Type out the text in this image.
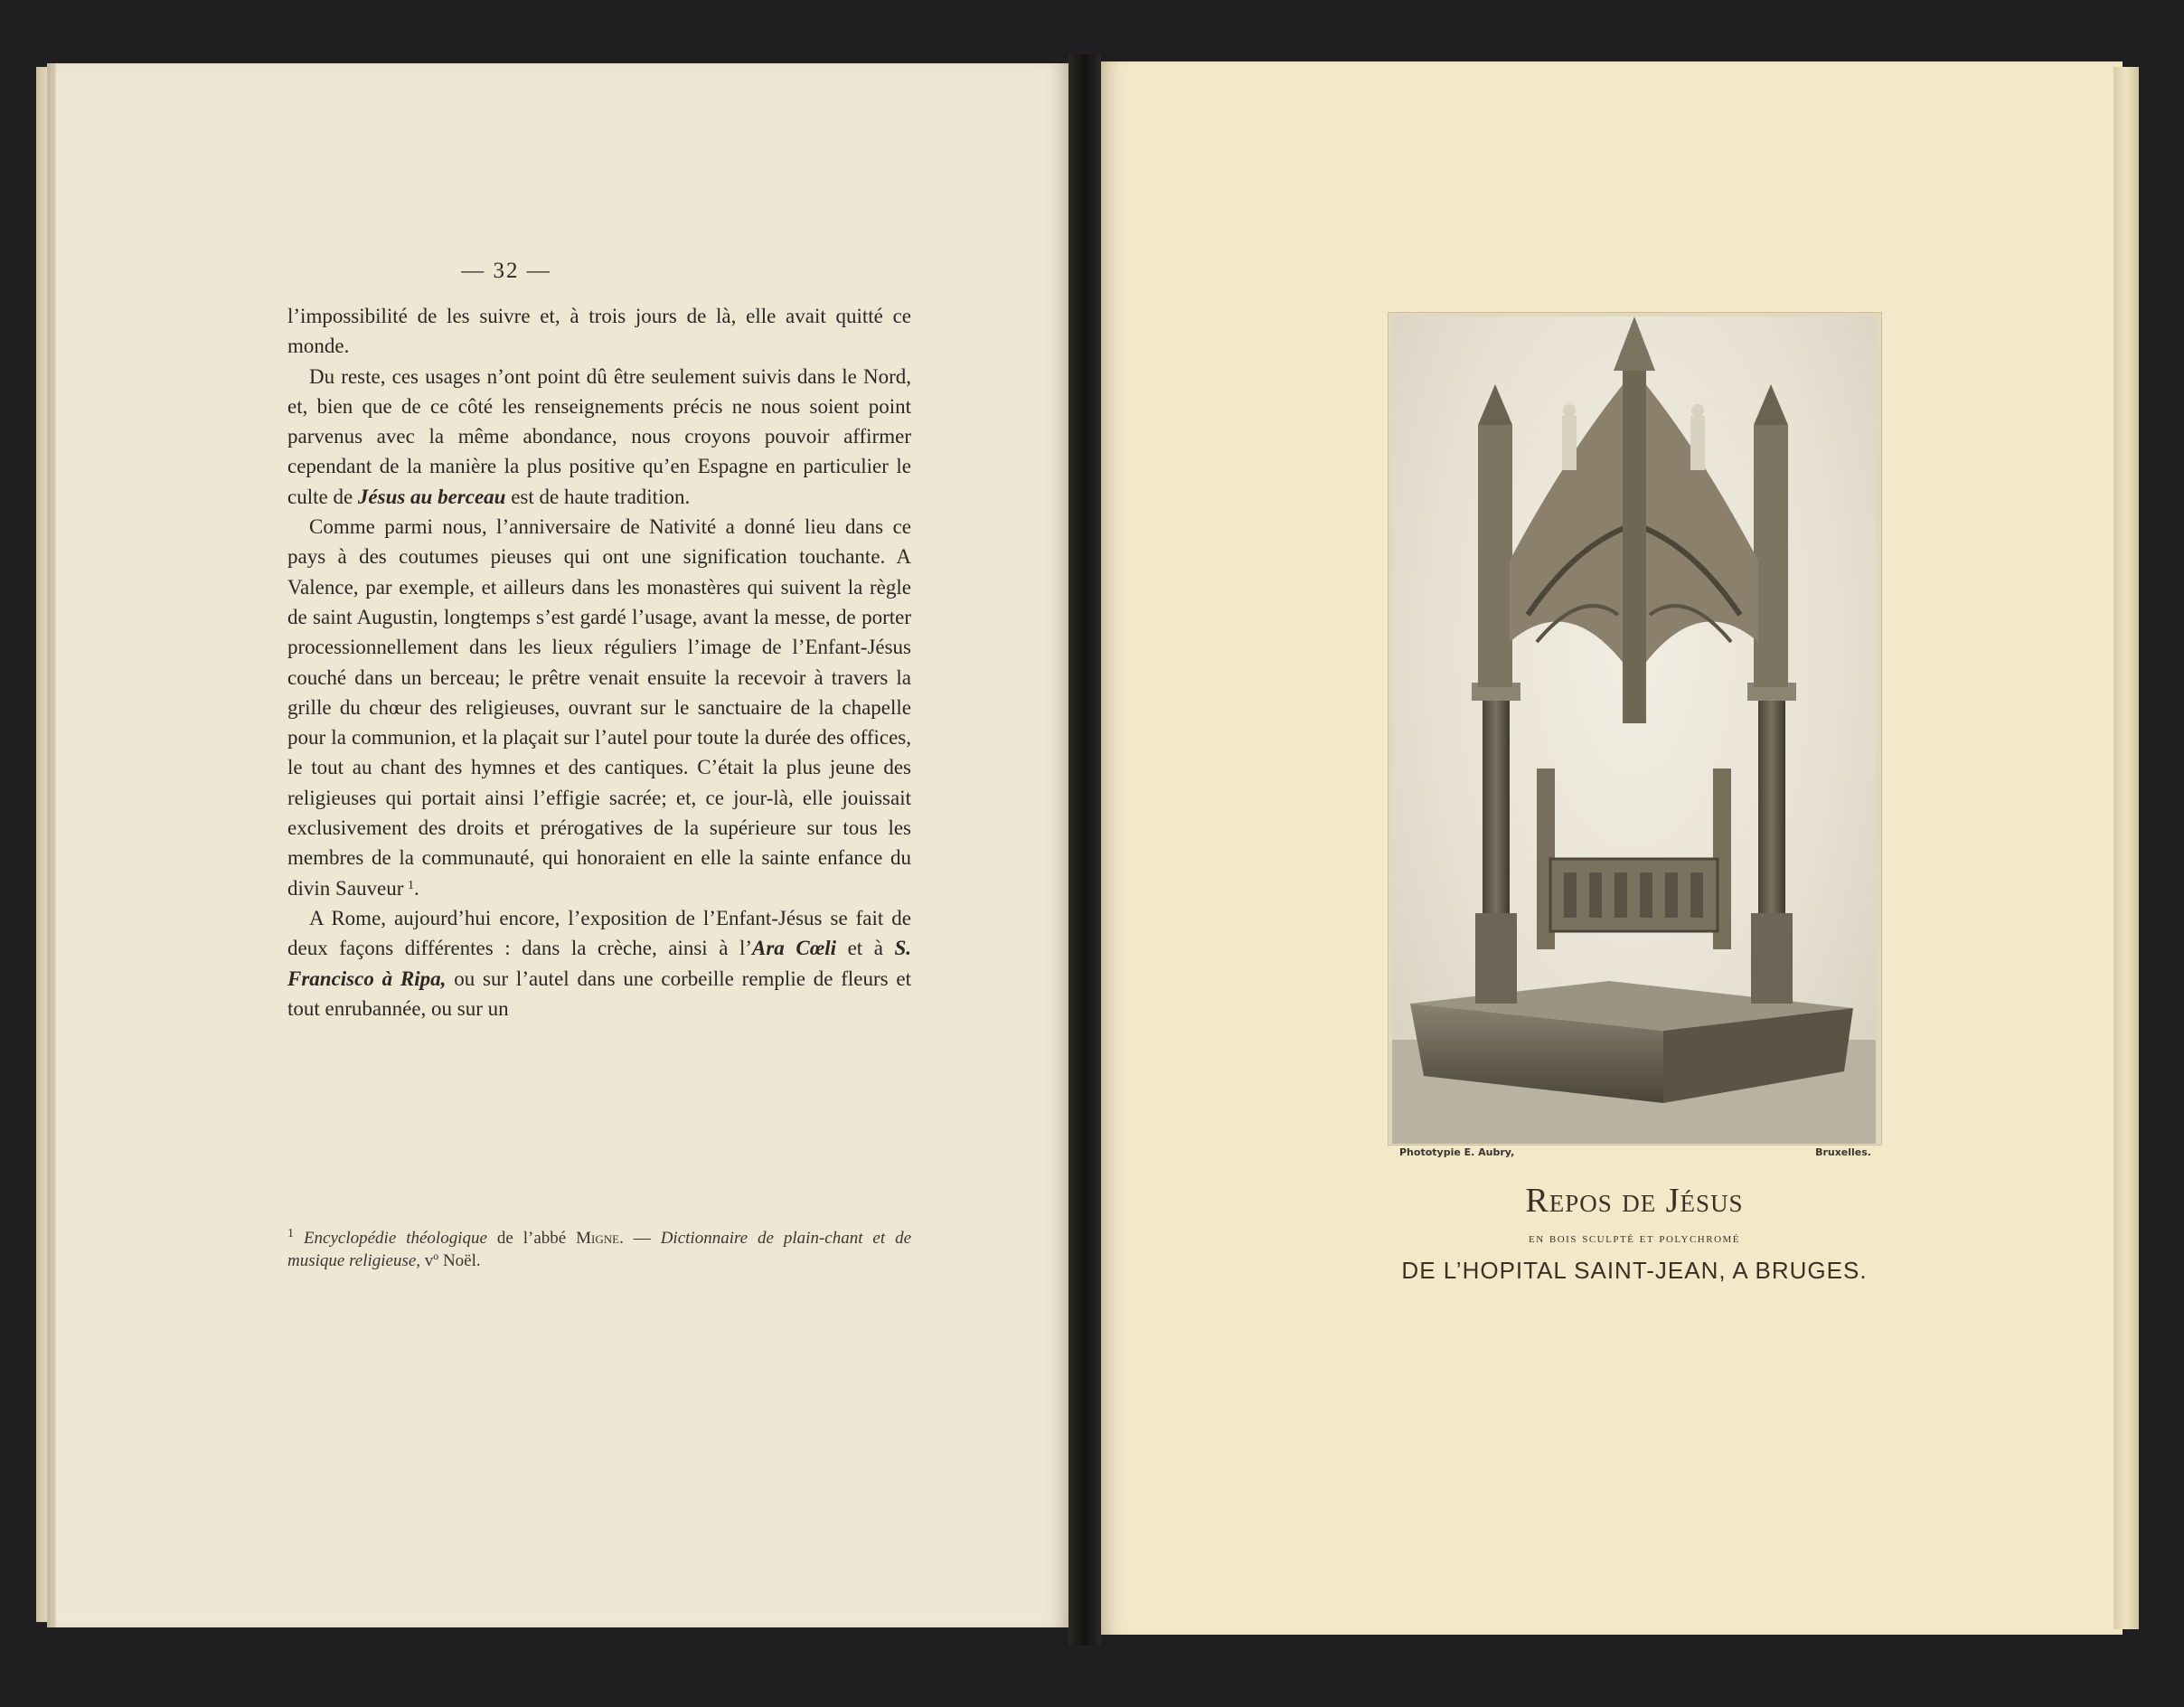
— 32 —

l’impossibilité de les suivre et, à trois jours de là, elle avait quitté ce monde.

Du reste, ces usages n’ont point dû être seulement suivis dans le Nord, et, bien que de ce côté les renseignements précis ne nous soient point parvenus avec la même abondance, nous croyons pouvoir affirmer cependant de la manière la plus positive qu’en Espagne en particulier le culte de Jésus au berceau est de haute tradition.

Comme parmi nous, l’anniversaire de Nativité a donné lieu dans ce pays à des coutumes pieuses qui ont une signification touchante. A Valence, par exemple, et ailleurs dans les monastères qui suivent la règle de saint Augustin, longtemps s’est gardé l’usage, avant la messe, de porter processionnellement dans les lieux réguliers l’image de l’Enfant-Jésus couché dans un berceau; le prêtre venait ensuite la recevoir à travers la grille du chœur des religieuses, ouvrant sur le sanctuaire de la chapelle pour la communion, et la plaçait sur l’autel pour toute la durée des offices, le tout au chant des hymnes et des cantiques. C’était la plus jeune des religieuses qui portait ainsi l’effigie sacrée; et, ce jour-là, elle jouissait exclusivement des droits et prérogatives de la supérieure sur tous les membres de la communauté, qui honoraient en elle la sainte enfance du divin Sauveur  $^1$.

A Rome, aujourd’hui encore, l’exposition de l’Enfant-Jésus se fait de deux façons différentes : dans la crèche, ainsi à l’Ara Cœli et à S. Francisco à Ripa, ou sur l’autel dans une corbeille remplie de fleurs et tout enrubannée, ou sur un

$^1$ Encyclopédie théologique de l’abbé Migne. — Dictionnaire de plain-chant et de musique religieuse, vº Noël.
Phototypie E. Aubry,	Bruxelles.
Repos de Jésus
en bois sculpté et polychromé
DE L’HOPITAL SAINT-JEAN, A BRUGES.
